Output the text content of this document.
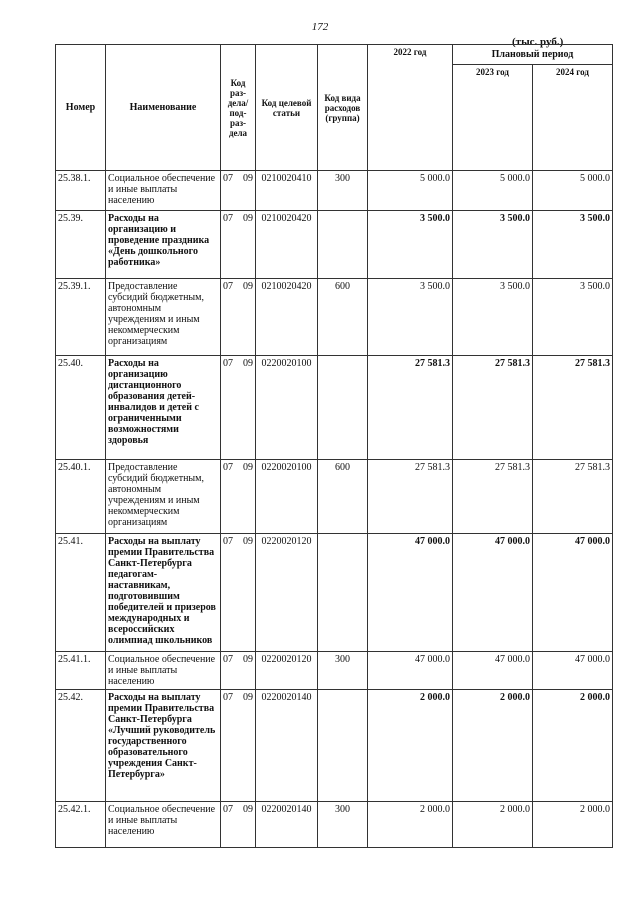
172
(тыс. руб.)
Номер	Наименование	Код раз-дела/ под-раз-дела	Код целевой статьи	Код вида расходов (группа)	2022 год	Плановый период	
						2023 год	2024 год
25.38.1.	Социальное обеспечение и иные выплаты населению	07 09	0210020410	300	5 000.0	5 000.0	5 000.0
25.39.	Расходы на организацию и проведение праздника «День дошкольного работника»	07 09	0210020420		3 500.0	3 500.0	3 500.0
25.39.1.	Предоставление субсидий бюджетным, автономным учреждениям и иным некоммерческим организациям	07 09	0210020420	600	3 500.0	3 500.0	3 500.0
25.40.	Расходы на организацию дистанционного образования детей-инвалидов и детей с ограниченными возможностями здоровья	07 09	0220020100		27 581.3	27 581.3	27 581.3
25.40.1.	Предоставление субсидий бюджетным, автономным учреждениям и иным некоммерческим организациям	07 09	0220020100	600	27 581.3	27 581.3	27 581.3
25.41.	Расходы на выплату премии Правительства Санкт-Петербурга педагогам-наставникам, подготовившим победителей и призеров международных и всероссийских олимпиад школьников	07 09	0220020120		47 000.0	47 000.0	47 000.0
25.41.1.	Социальное обеспечение и иные выплаты населению	07 09	0220020120	300	47 000.0	47 000.0	47 000.0
25.42.	Расходы на выплату премии Правительства Санкт-Петербурга «Лучший руководитель государственного образовательного учреждения Санкт-Петербурга»	07 09	0220020140		2 000.0	2 000.0	2 000.0
25.42.1.	Социальное обеспечение и иные выплаты населению	07 09	0220020140	300	2 000.0	2 000.0	2 000.0
